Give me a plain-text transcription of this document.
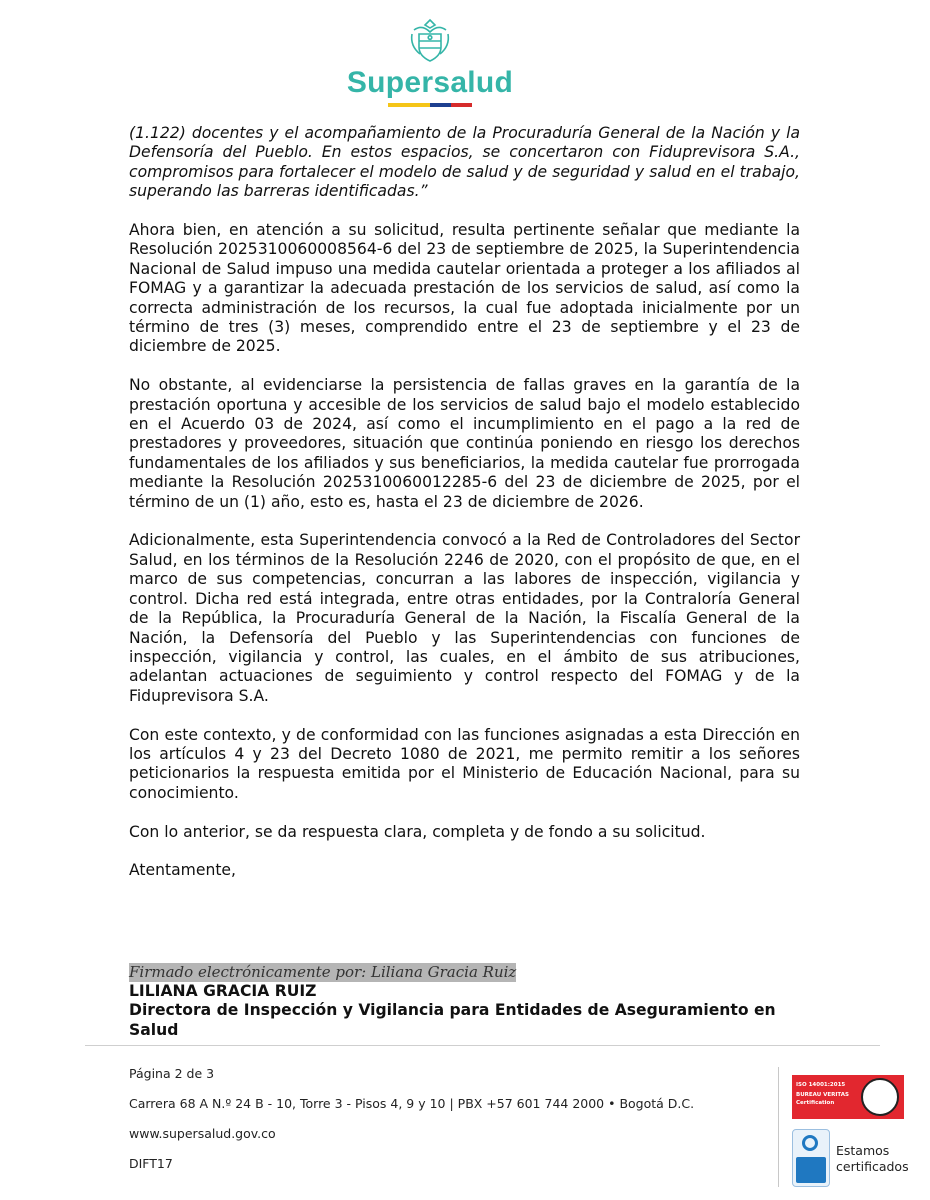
Supersalud

(1.122) docentes y el acompañamiento de la Procuraduría General de la Nación y la Defensoría del Pueblo. En estos espacios, se concertaron con Fiduprevisora S.A., compromisos para fortalecer el modelo de salud y de seguridad y salud en el trabajo, superando las barreras identificadas.”

Ahora bien, en atención a su solicitud, resulta pertinente señalar que mediante la Resolución 2025310060008564-6 del 23 de septiembre de 2025, la Superintendencia Nacional de Salud impuso una medida cautelar orientada a proteger a los afiliados al FOMAG y a garantizar la adecuada prestación de los servicios de salud, así como la correcta administración de los recursos, la cual fue adoptada inicialmente por un término de tres (3) meses, comprendido entre el 23 de septiembre y el 23 de diciembre de 2025.

No obstante, al evidenciarse la persistencia de fallas graves en la garantía de la prestación oportuna y accesible de los servicios de salud bajo el modelo establecido en el Acuerdo 03 de 2024, así como el incumplimiento en el pago a la red de prestadores y proveedores, situación que continúa poniendo en riesgo los derechos fundamentales de los afiliados y sus beneficiarios, la medida cautelar fue prorrogada mediante la Resolución 2025310060012285-6 del 23 de diciembre de 2025, por el término de un (1) año, esto es, hasta el 23 de diciembre de 2026.

Adicionalmente, esta Superintendencia convocó a la Red de Controladores del Sector Salud, en los términos de la Resolución 2246 de 2020, con el propósito de que, en el marco de sus competencias, concurran a las labores de inspección, vigilancia y control. Dicha red está integrada, entre otras entidades, por la Contraloría General de la República, la Procuraduría General de la Nación, la Fiscalía General de la Nación, la Defensoría del Pueblo y las Superintendencias con funciones de inspección, vigilancia y control, las cuales, en el ámbito de sus atribuciones, adelantan actuaciones de seguimiento y control respecto del FOMAG y de la Fiduprevisora S.A.

Con este contexto, y de conformidad con las funciones asignadas a esta Dirección en los artículos 4 y 23 del Decreto 1080 de 2021, me permito remitir a los señores peticionarios la respuesta emitida por el Ministerio de Educación Nacional, para su conocimiento.

Con lo anterior, se da respuesta clara, completa y de fondo a su solicitud.

Atentamente,

Firmado electrónicamente por: Liliana Gracia Ruiz
LILIANA GRACIA RUIZ
Directora de Inspección y Vigilancia para Entidades de Aseguramiento en Salud
Página 2 de 3
Carrera 68 A N.º 24 B - 10, Torre 3 - Pisos 4, 9 y 10 | PBX +57 601 744 2000 • Bogotá D.C.
www.supersalud.gov.co
DIFT17
ISO 14001:2015
BUREAU VERITAS
Certification
Estamos
certificados
